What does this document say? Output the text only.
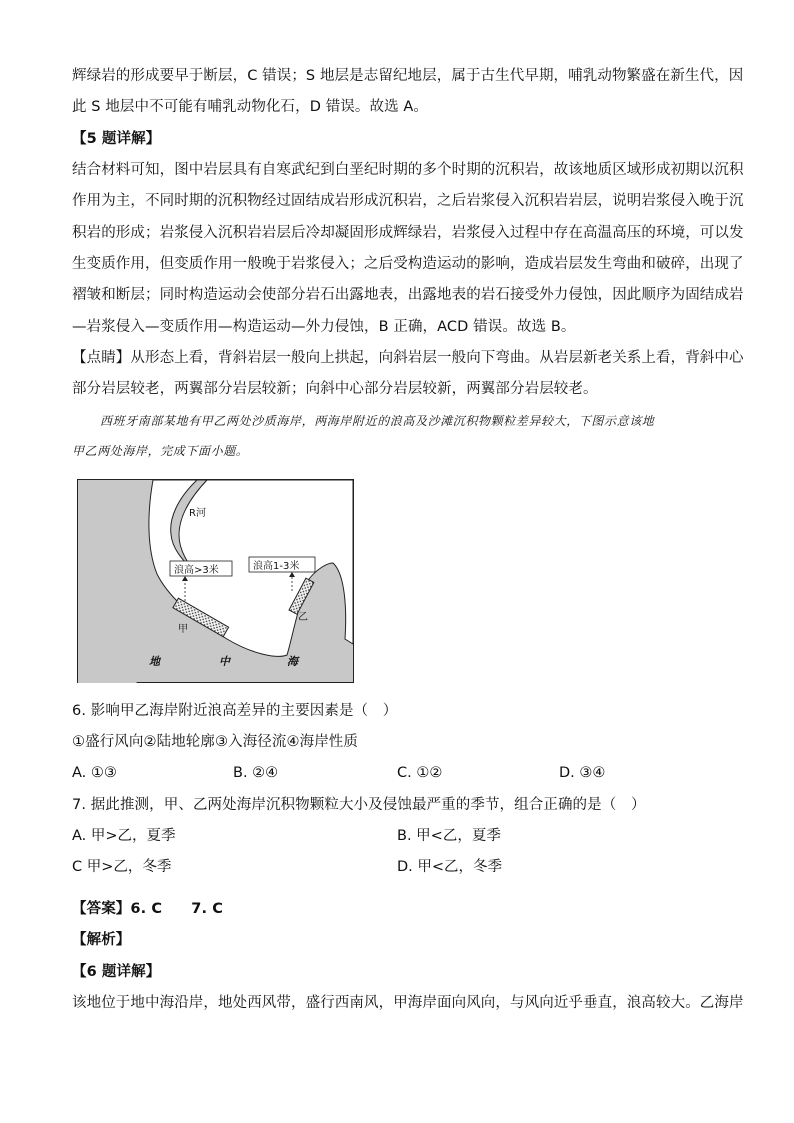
辉绿岩的形成要早于断层，C 错误；S 地层是志留纪地层，属于古生代早期，哺乳动物繁盛在新生代，因
此 S 地层中不可能有哺乳动物化石，D 错误。故选 A。
【5 题详解】
结合材料可知，图中岩层具有自寒武纪到白垩纪时期的多个时期的沉积岩，故该地质区域形成初期以沉积
作用为主，不同时期的沉积物经过固结成岩形成沉积岩，之后岩浆侵入沉积岩岩层，说明岩浆侵入晚于沉
积岩的形成；岩浆侵入沉积岩岩层后冷却凝固形成辉绿岩，岩浆侵入过程中存在高温高压的环境，可以发
生变质作用，但变质作用一般晚于岩浆侵入；之后受构造运动的影响，造成岩层发生弯曲和破碎，出现了
褶皱和断层；同时构造运动会使部分岩石出露地表，出露地表的岩石接受外力侵蚀，因此顺序为固结成岩
—岩浆侵入—变质作用—构造运动—外力侵蚀，B 正确，ACD 错误。故选 B。
【点睛】从形态上看，背斜岩层一般向上拱起，向斜岩层一般向下弯曲。从岩层新老关系上看，背斜中心
部分岩层较老，两翼部分岩层较新；向斜中心部分岩层较新，两翼部分岩层较老。
西班牙南部某地有甲乙两处沙质海岸，两海岸附近的浪高及沙滩沉积物颗粒差异较大，下图示意该地
甲乙两处海岸，完成下面小题。
R河
浪高>3米	浪高1-3米
甲
乙
地	中	海
6. 影响甲乙海岸附近浪高差异的主要因素是（　）
①盛行风向②陆地轮廓③入海径流④海岸性质
A. ①③	B. ②④	C. ①②	D. ③④
7. 据此推测，甲、乙两处海岸沉积物颗粒大小及侵蚀最严重的季节，组合正确的是（　）
A. 甲>乙，夏季	B. 甲<乙，夏季
C 甲>乙，冬季	D. 甲<乙，冬季
【答案】6. C　　7. C
【解析】
【6 题详解】
该地位于地中海沿岸，地处西风带，盛行西南风，甲海岸面向风向，与风向近乎垂直，浪高较大。乙海岸
